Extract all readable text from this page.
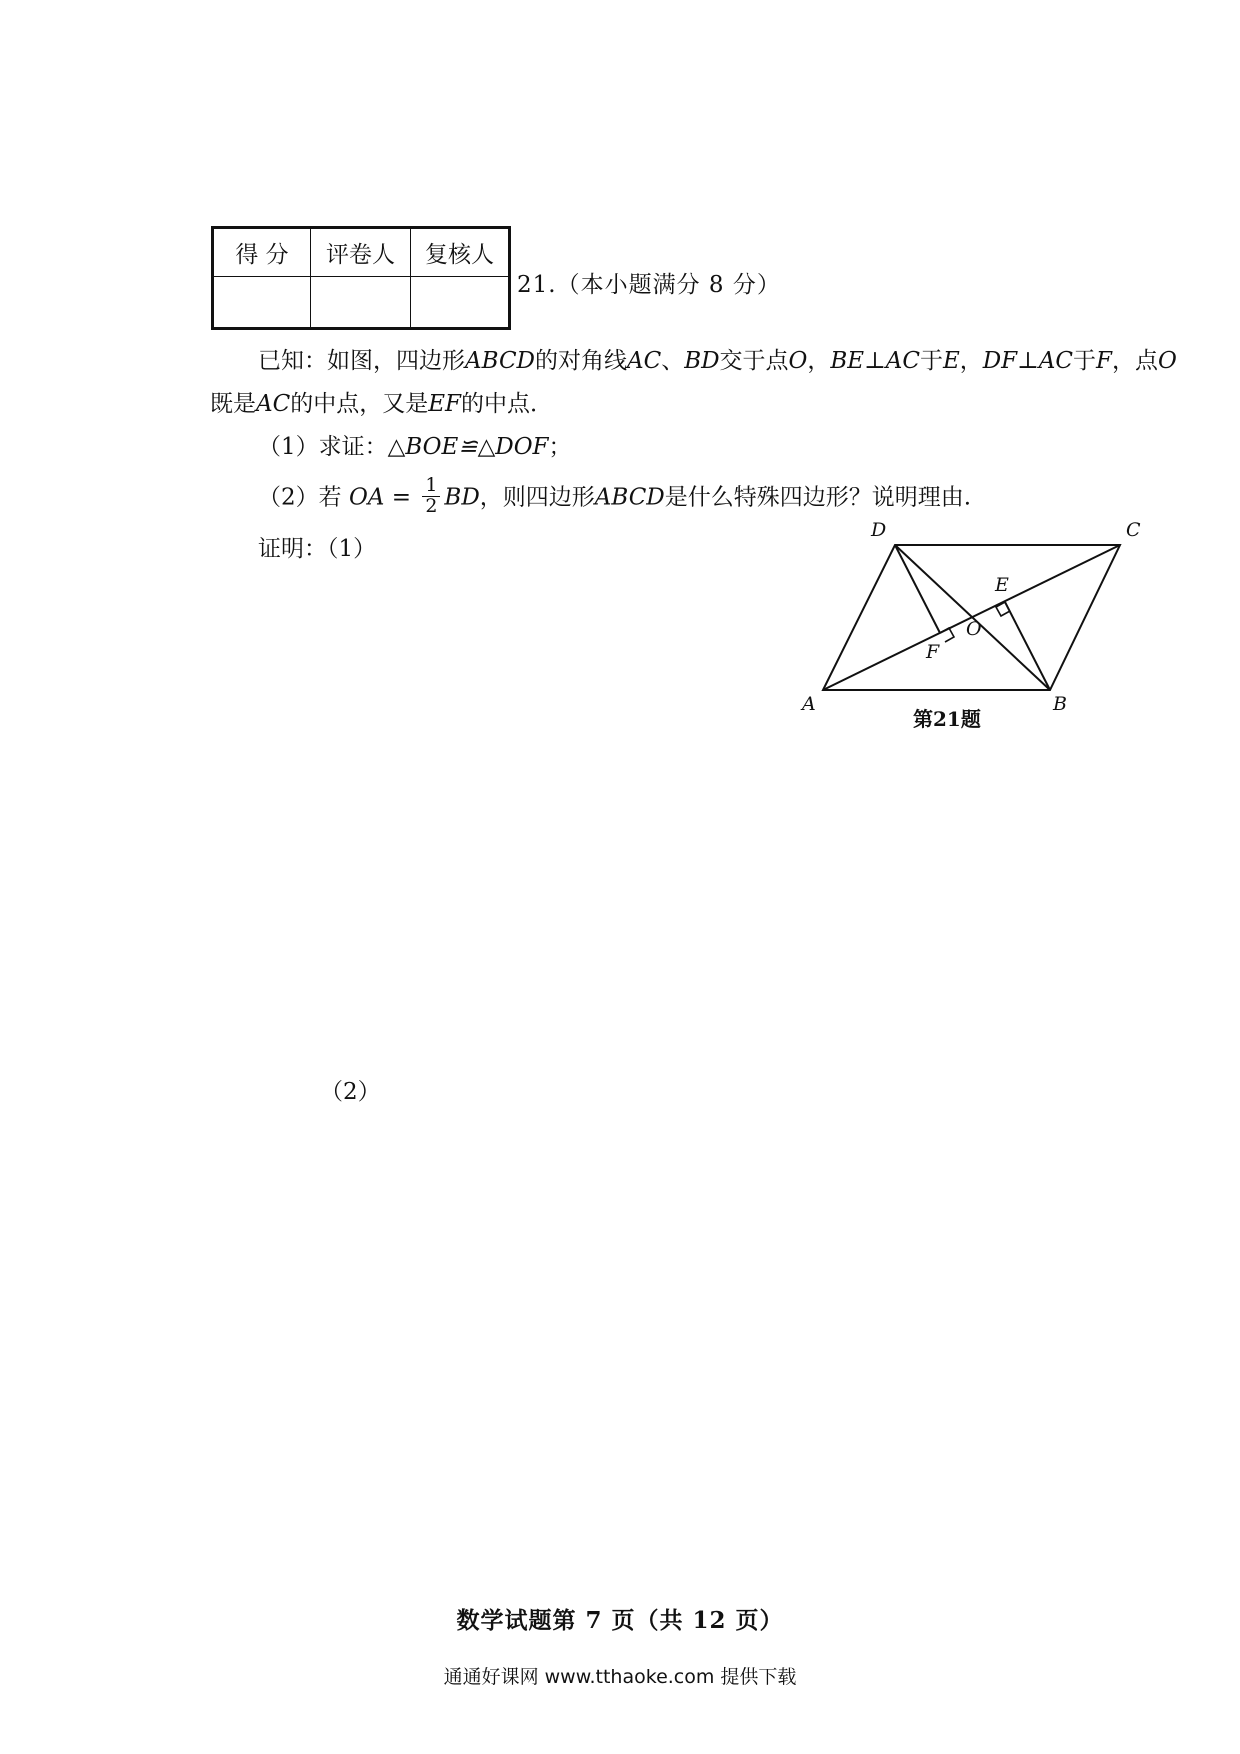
得 分	评卷人	复核人

21.（本小题满分 8 分）
已知：如图，四边形ABCD的对角线AC、BD交于点O，BE⊥AC于E，DF⊥AC于F，点O
既是AC的中点，又是EF的中点．
（1）求证：△BOE≌△DOF；
（2）若 OA = $\frac{1}{2}$ BD，则四边形ABCD是什么特殊四边形？说明理由.
证明：（1）
（2）
D	C
E
O
F
A	B
第21题
数学试题第 7 页（共 12 页）
通通好课网 www.tthaoke.com 提供下载
